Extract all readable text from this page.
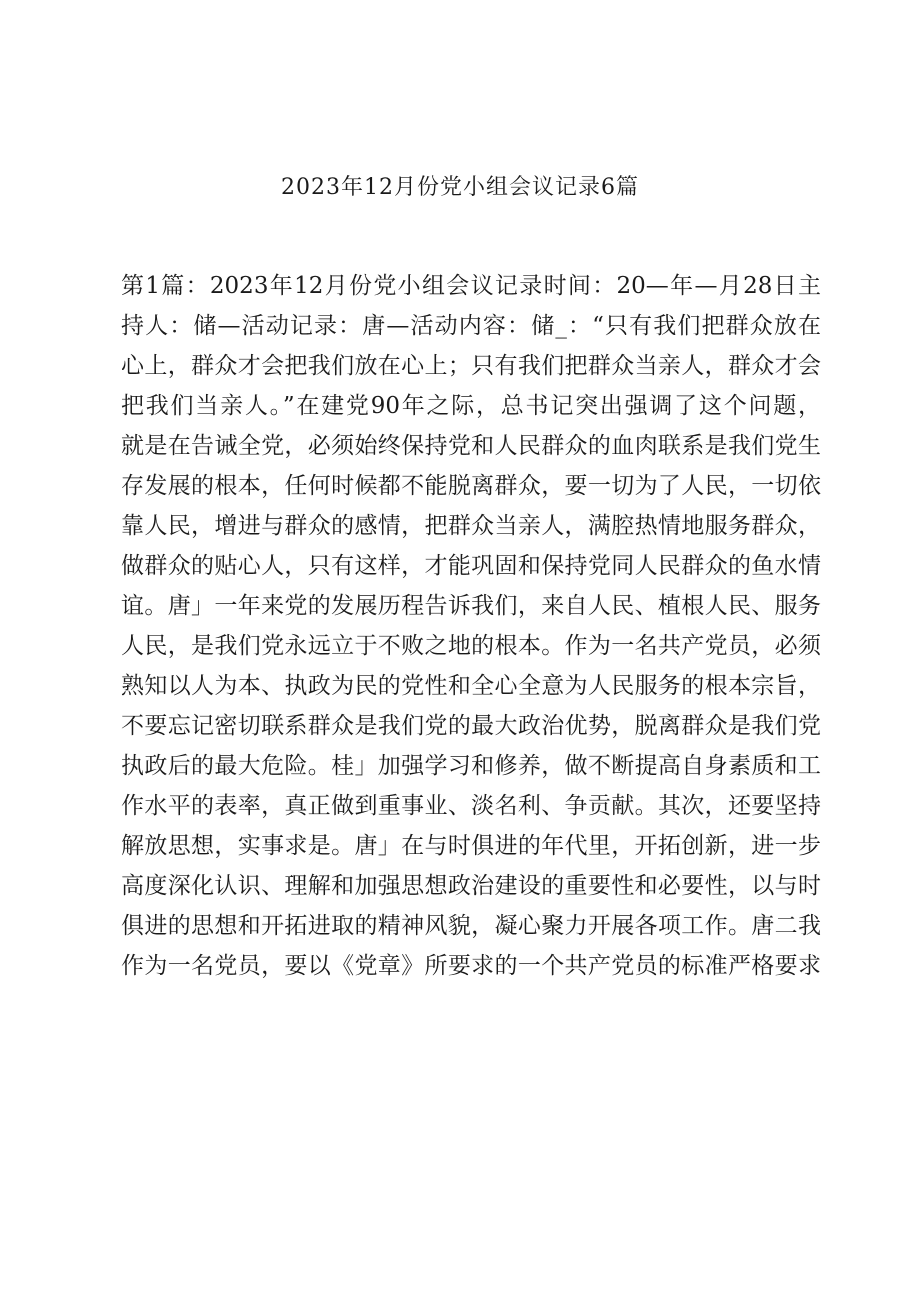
2023年12月份党小组会议记录6篇
第1篇：2023年12月份党小组会议记录时间：20—年—月28日主
持人：储—活动记录：唐—活动内容：储_：“只有我们把群众放在
心上，群众才会把我们放在心上；只有我们把群众当亲人，群众才会
把我们当亲人。”在建党90年之际，总书记突出强调了这个问题，
就是在告诫全党，必须始终保持党和人民群众的血肉联系是我们党生
存发展的根本，任何时候都不能脱离群众，要一切为了人民，一切依
靠人民，增进与群众的感情，把群众当亲人，满腔热情地服务群众，
做群众的贴心人，只有这样，才能巩固和保持党同人民群众的鱼水情
谊。唐」一年来党的发展历程告诉我们，来自人民、植根人民、服务
人民，是我们党永远立于不败之地的根本。作为一名共产党员，必须
熟知以人为本、执政为民的党性和全心全意为人民服务的根本宗旨，
不要忘记密切联系群众是我们党的最大政治优势，脱离群众是我们党
执政后的最大危险。桂」加强学习和修养，做不断提高自身素质和工
作水平的表率，真正做到重事业、淡名利、争贡献。其次，还要坚持
解放思想，实事求是。唐」在与时俱进的年代里，开拓创新，进一步
高度深化认识、理解和加强思想政治建设的重要性和必要性，以与时
俱进的思想和开拓进取的精神风貌，凝心聚力开展各项工作。唐二我
作为一名党员，要以《党章》所要求的一个共产党员的标准严格要求
